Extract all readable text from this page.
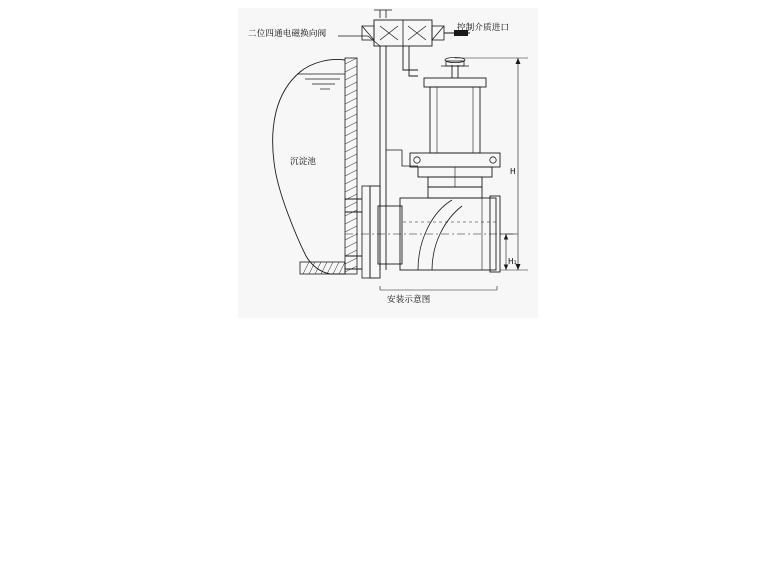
二位四通电磁换向阀
控制介质进口
沉淀池
安装示意图
H
H₁
